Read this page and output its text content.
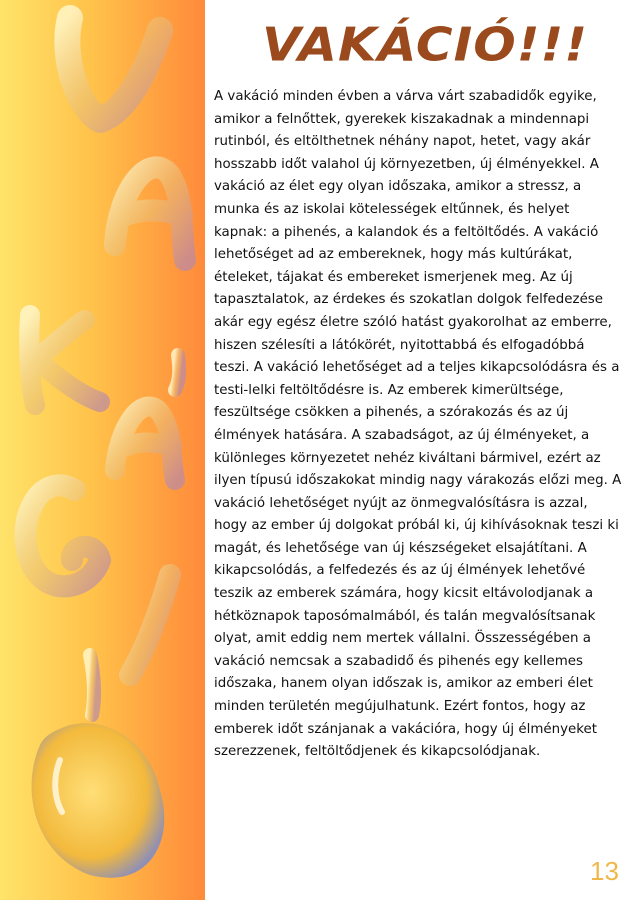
VAKÁCIÓ!!!

A vakáció minden évben a várva várt szabadidők egyike, amikor a felnőttek, gyerekek kiszakadnak a mindennapi rutinból, és eltölthetnek néhány napot, hetet, vagy akár hosszabb időt valahol új környezetben, új élményekkel. A vakáció az élet egy olyan időszaka, amikor a stressz, a munka és az iskolai kötelességek eltűnnek, és helyet kapnak: a pihenés, a kalandok és a feltöltődés. A vakáció lehetőséget ad az embereknek, hogy más kultúrákat, ételeket, tájakat és embereket ismerjenek meg. Az új tapasztalatok, az érdekes és szokatlan dolgok felfedezése akár egy egész életre szóló hatást gyakorolhat az emberre, hiszen szélesíti a látókörét, nyitottabbá és elfogadóbbá teszi. A vakáció lehetőséget ad a teljes kikapcsolódásra és a testi-lelki feltöltődésre is. Az emberek kimerültsége, feszültsége csökken a pihenés, a szórakozás és az új élmények hatására. A szabadságot, az új élményeket, a különleges környezetet nehéz kiváltani bármivel, ezért az ilyen típusú időszakokat mindig nagy várakozás előzi meg. A vakáció lehetőséget nyújt az önmegvalósításra is azzal, hogy az ember új dolgokat próbál ki, új kihívásoknak teszi ki magát, és lehetősége van új készségeket elsajátítani. A kikapcsolódás, a felfedezés és az új élmények lehetővé teszik az emberek számára, hogy kicsit eltávolodjanak a hétköznapok taposómalmából, és talán megvalósítsanak olyat, amit eddig nem mertek vállalni. Összességében a vakáció nemcsak a szabadidő és pihenés egy kellemes időszaka, hanem olyan időszak is, amikor az emberi élet minden területén megújulhatunk. Ezért fontos, hogy az emberek időt szánjanak a vakációra, hogy új élményeket szerezzenek, feltöltődjenek és kikapcsolódjanak.

13
